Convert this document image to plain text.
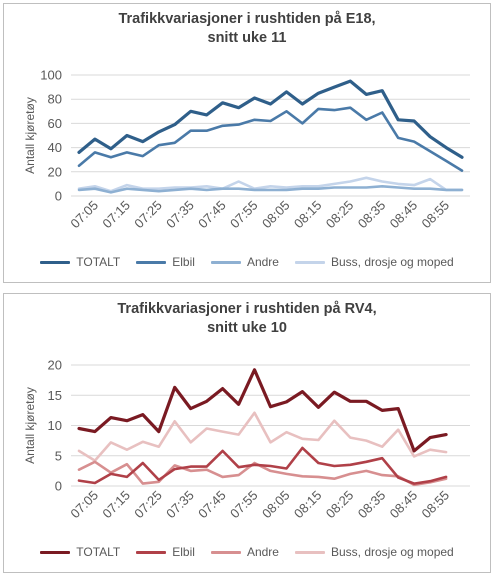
Trafikkvariasjoner i rushtiden på E18,
snitt uke 11
0
20
40
60
80
100
Antall kjøretøy
07:05
07:15
07:25
07:35
07:45
07:55
08:05
08:15
08:25
08:35
08:45
08:55
TOTALT	Elbil	Andre	Buss, drosje og moped
Trafikkvariasjoner i rushtiden på RV4,
snitt uke 10
0
5
10
15
20
Antall kjøretøy
07:05
07:15
07:25
07:35
07:45
07:55
08:05
08:15
08:25
08:35
08:45
08:55
TOTALT	Elbil	Andre	Buss, drosje og moped
